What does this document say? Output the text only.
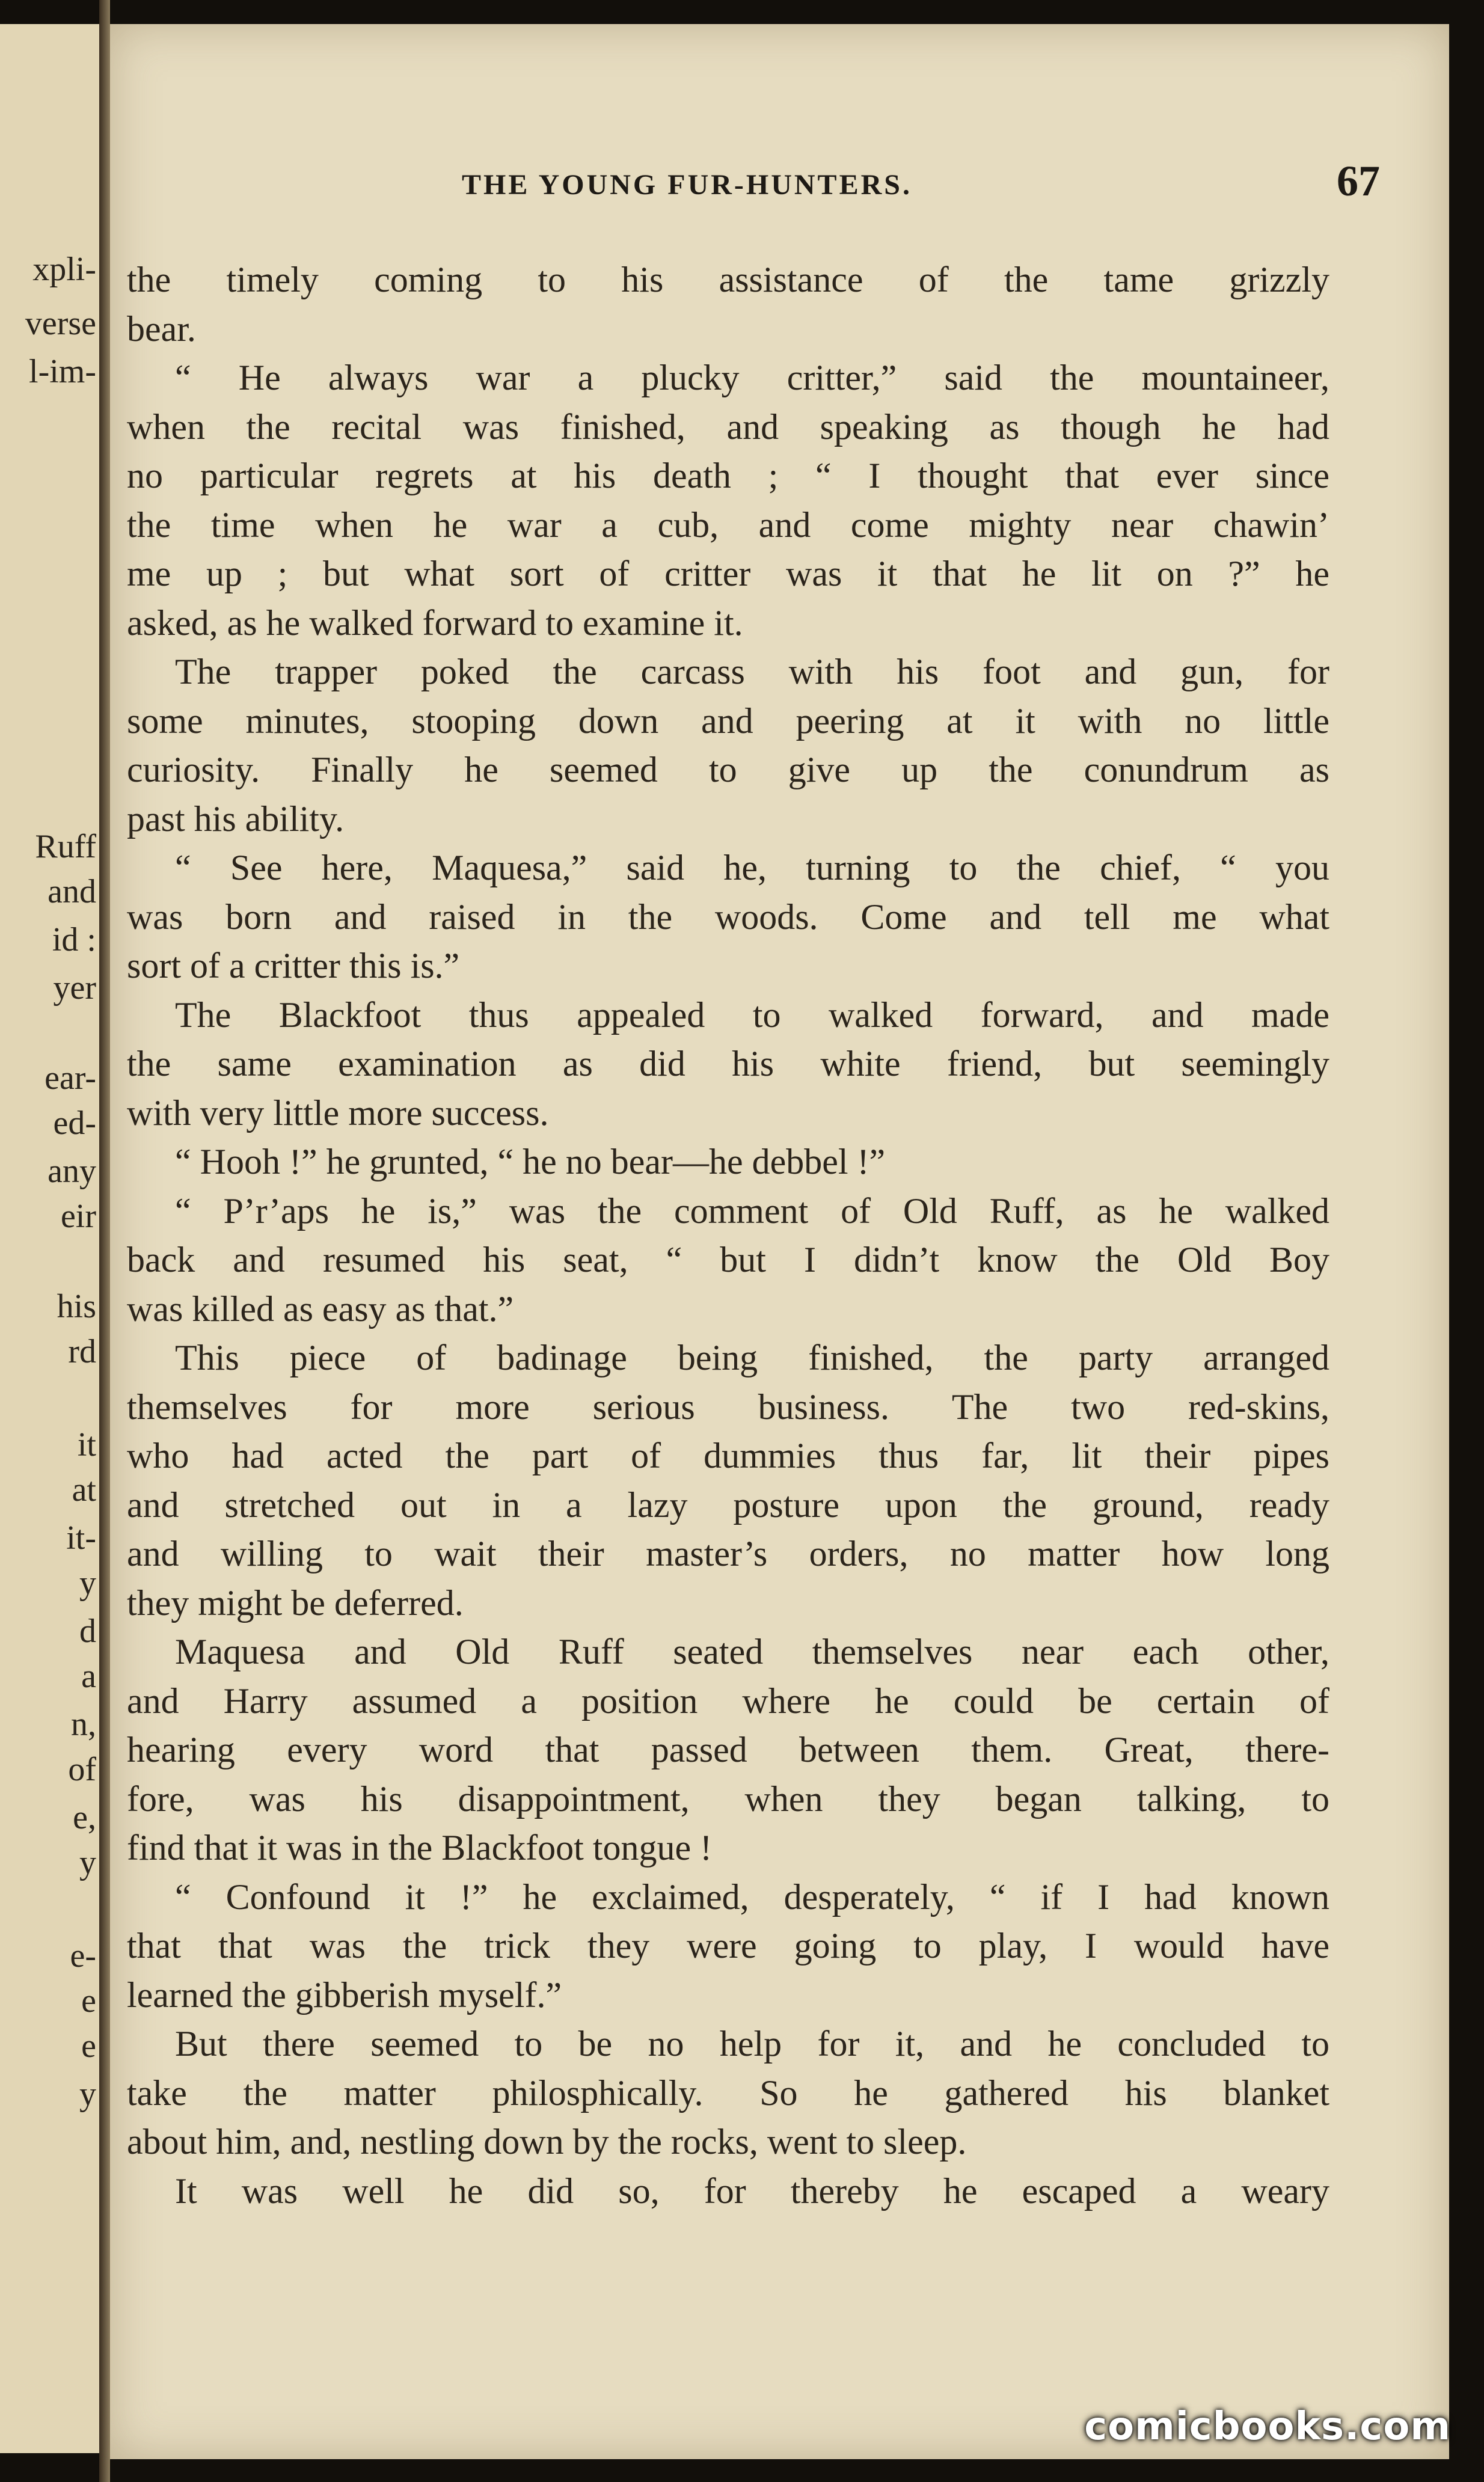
xpli-
verse
l-im-
Ruff
and
id :
yer
ear-
ed-
any
eir
his
rd
it
at
it-
y
d
a
n,
of
e,
y
e-
e
e
y
THE YOUNG FUR-HUNTERS.	67
the timely coming to his assistance of the tame grizzly
bear.
“ He always war a plucky critter,” said the mountaineer,
when the recital was finished, and speaking as though he had
no particular regrets at his death ; “ I thought that ever since
the time when he war a cub, and come mighty near chawin’
me up ; but what sort of critter was it that he lit on ?” he
asked, as he walked forward to examine it.
The trapper poked the carcass with his foot and gun, for
some minutes, stooping down and peering at it with no little
curiosity. Finally he seemed to give up the conundrum as
past his ability.
“ See here, Maquesa,” said he, turning to the chief, “ you
was born and raised in the woods. Come and tell me what
sort of a critter this is.”
The Blackfoot thus appealed to walked forward, and made
the same examination as did his white friend, but seemingly
with very little more success.
“ Hooh !” he grunted, “ he no bear—he debbel !”
“ P’r’aps he is,” was the comment of Old Ruff, as he walked
back and resumed his seat, “ but I didn’t know the Old Boy
was killed as easy as that.”
This piece of badinage being finished, the party arranged
themselves for more serious business. The two red-skins,
who had acted the part of dummies thus far, lit their pipes
and stretched out in a lazy posture upon the ground, ready
and willing to wait their master’s orders, no matter how long
they might be deferred.
Maquesa and Old Ruff seated themselves near each other,
and Harry assumed a position where he could be certain of
hearing every word that passed between them. Great, there-
fore, was his disappointment, when they began talking, to
find that it was in the Blackfoot tongue !
“ Confound it !” he exclaimed, desperately, “ if I had known
that that was the trick they were going to play, I would have
learned the gibberish myself.”
But there seemed to be no help for it, and he concluded to
take the matter philosphically. So he gathered his blanket
about him, and, nestling down by the rocks, went to sleep.
It was well he did so, for thereby he escaped a weary
comicbooks.com
